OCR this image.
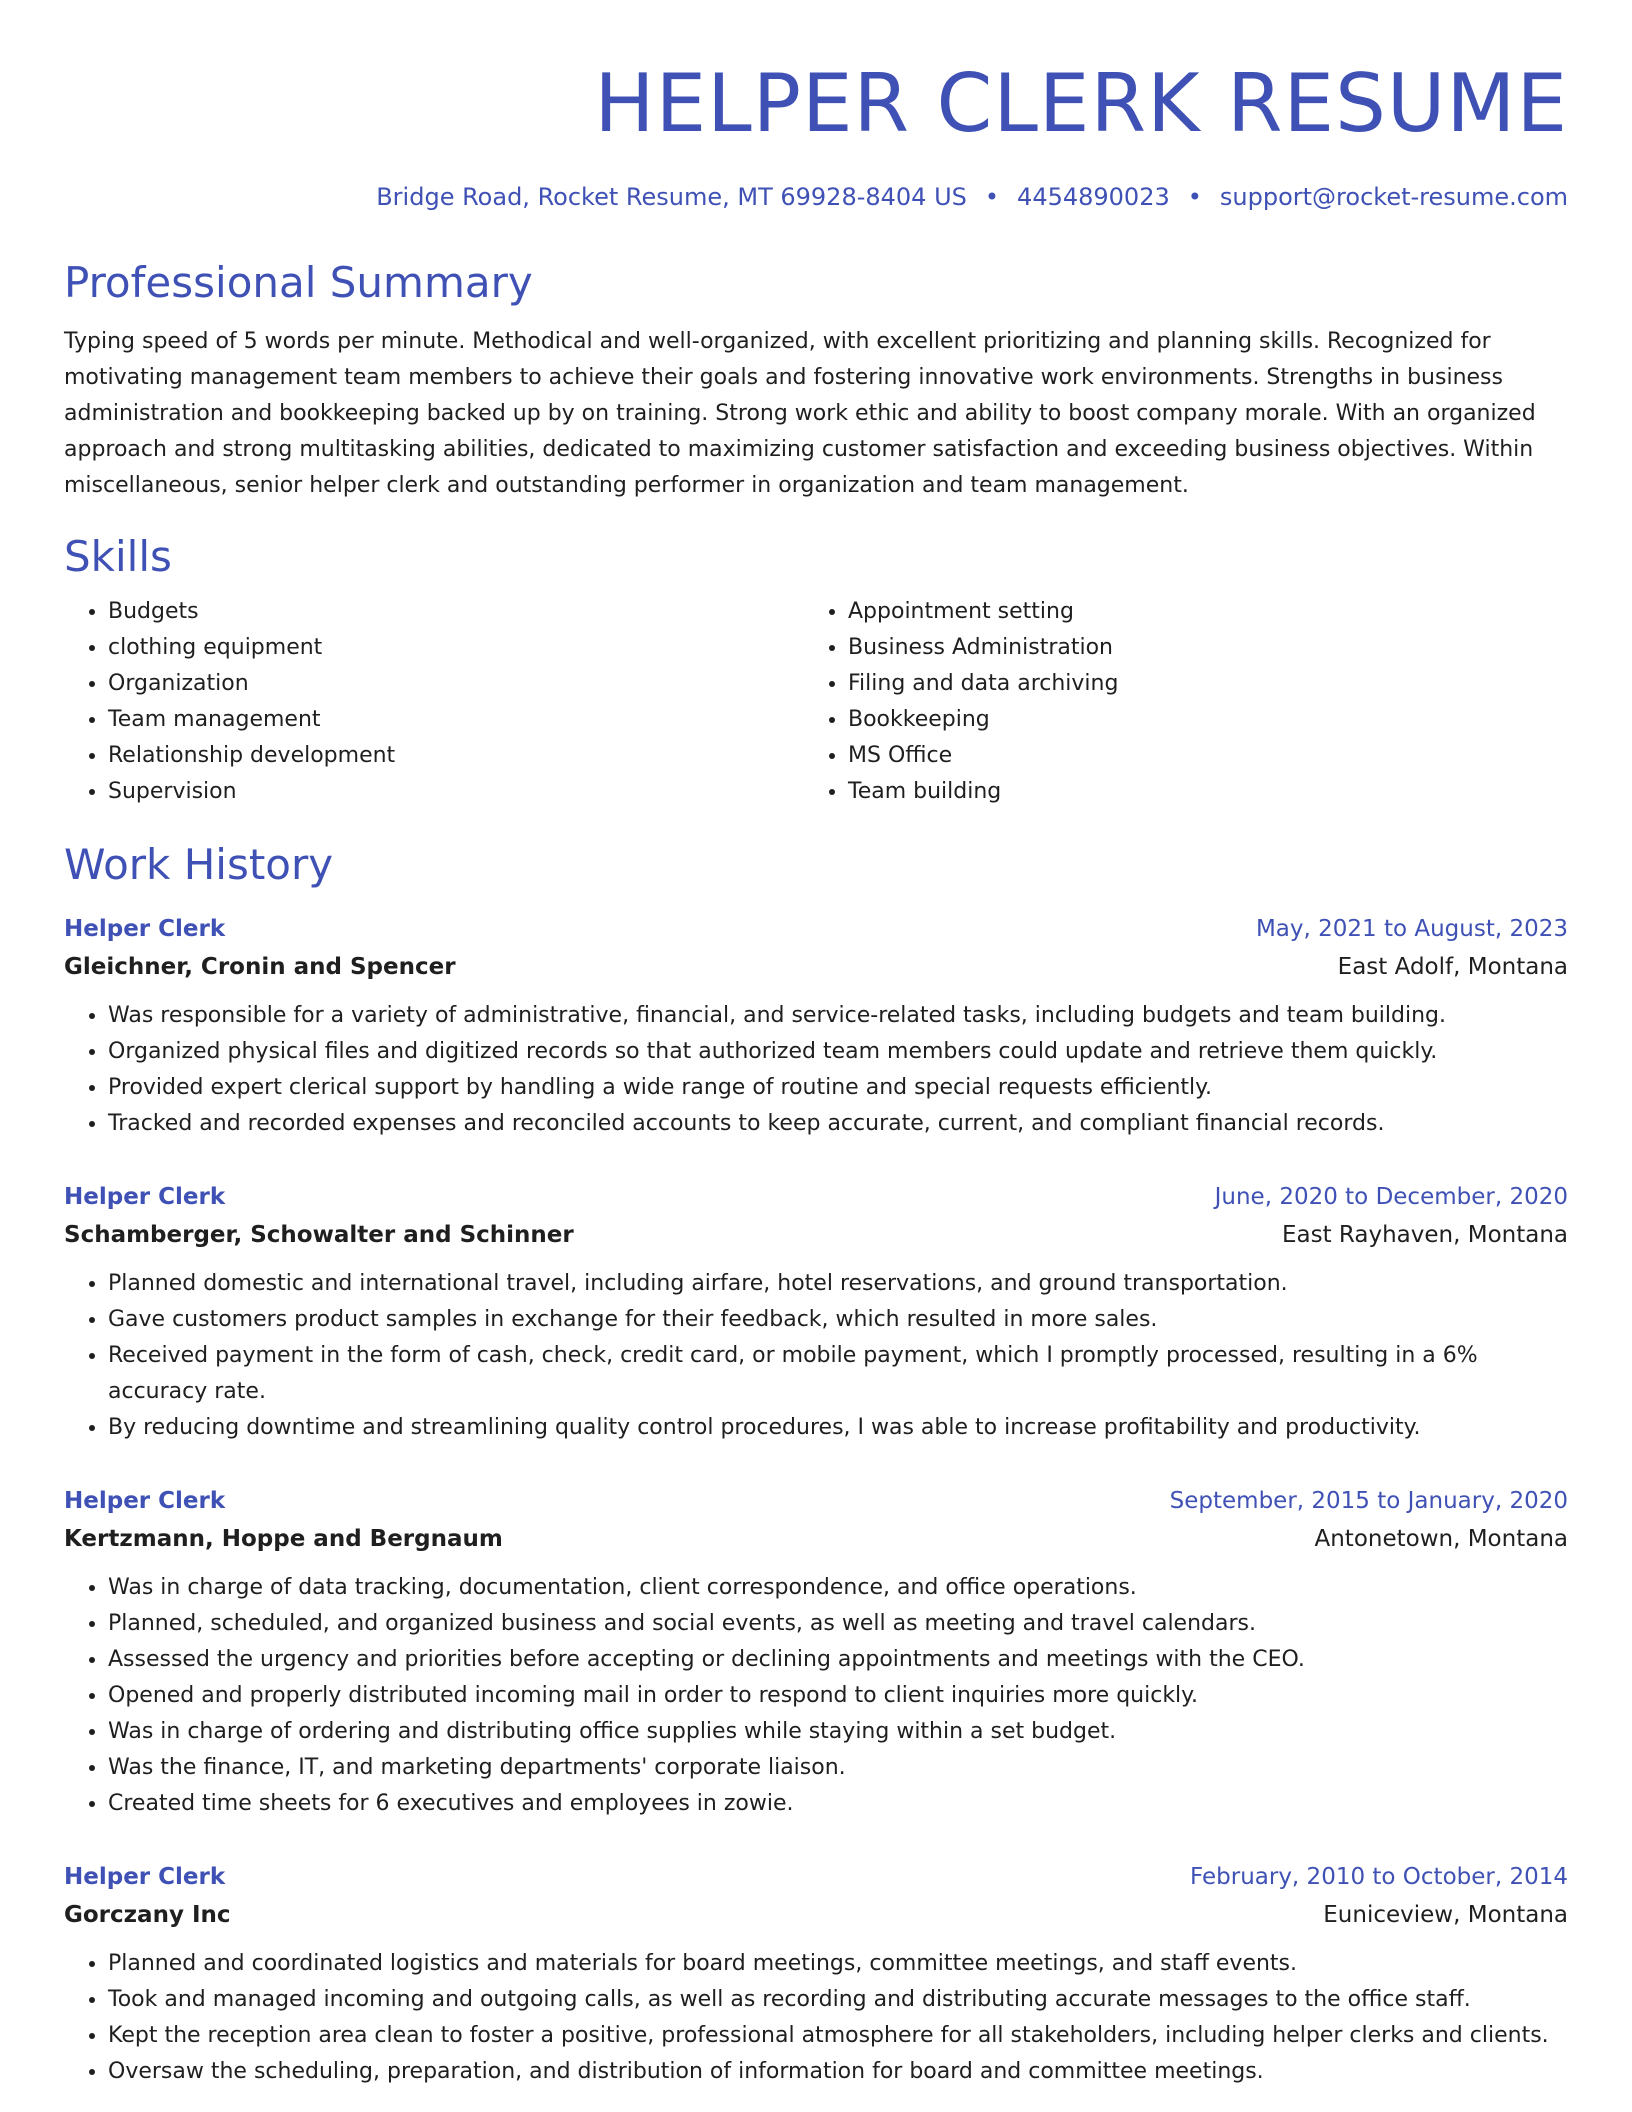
HELPER CLERK RESUME
Bridge Road, Rocket Resume, MT 69928-8404 US • 4454890023 • support@rocket-resume.com
Professional Summary
Typing speed of 5 words per minute. Methodical and well-organized, with excellent prioritizing and planning skills. Recognized for motivating management team members to achieve their goals and fostering innovative work environments. Strengths in business administration and bookkeeping backed up by on training. Strong work ethic and ability to boost company morale. With an organized approach and strong multitasking abilities, dedicated to maximizing customer satisfaction and exceeding business objectives. Within miscellaneous, senior helper clerk and outstanding performer in organization and team management.
Skills
• Budgets
• clothing equipment
• Organization
• Team management
• Relationship development
• Supervision
• Appointment setting
• Business Administration
• Filing and data archiving
• Bookkeeping
• MS Office
• Team building
Work History
Helper Clerk	May, 2021 to August, 2023
Gleichner, Cronin and Spencer	East Adolf, Montana
• Was responsible for a variety of administrative, financial, and service-related tasks, including budgets and team building.
• Organized physical files and digitized records so that authorized team members could update and retrieve them quickly.
• Provided expert clerical support by handling a wide range of routine and special requests efficiently.
• Tracked and recorded expenses and reconciled accounts to keep accurate, current, and compliant financial records.
Helper Clerk	June, 2020 to December, 2020
Schamberger, Schowalter and Schinner	East Rayhaven, Montana
• Planned domestic and international travel, including airfare, hotel reservations, and ground transportation.
• Gave customers product samples in exchange for their feedback, which resulted in more sales.
• Received payment in the form of cash, check, credit card, or mobile payment, which I promptly processed, resulting in a 6% accuracy rate.
• By reducing downtime and streamlining quality control procedures, I was able to increase profitability and productivity.
Helper Clerk	September, 2015 to January, 2020
Kertzmann, Hoppe and Bergnaum	Antonetown, Montana
• Was in charge of data tracking, documentation, client correspondence, and office operations.
• Planned, scheduled, and organized business and social events, as well as meeting and travel calendars.
• Assessed the urgency and priorities before accepting or declining appointments and meetings with the CEO.
• Opened and properly distributed incoming mail in order to respond to client inquiries more quickly.
• Was in charge of ordering and distributing office supplies while staying within a set budget.
• Was the finance, IT, and marketing departments' corporate liaison.
• Created time sheets for 6 executives and employees in zowie.
Helper Clerk	February, 2010 to October, 2014
Gorczany Inc	Euniceview, Montana
• Planned and coordinated logistics and materials for board meetings, committee meetings, and staff events.
• Took and managed incoming and outgoing calls, as well as recording and distributing accurate messages to the office staff.
• Kept the reception area clean to foster a positive, professional atmosphere for all stakeholders, including helper clerks and clients.
• Oversaw the scheduling, preparation, and distribution of information for board and committee meetings.
